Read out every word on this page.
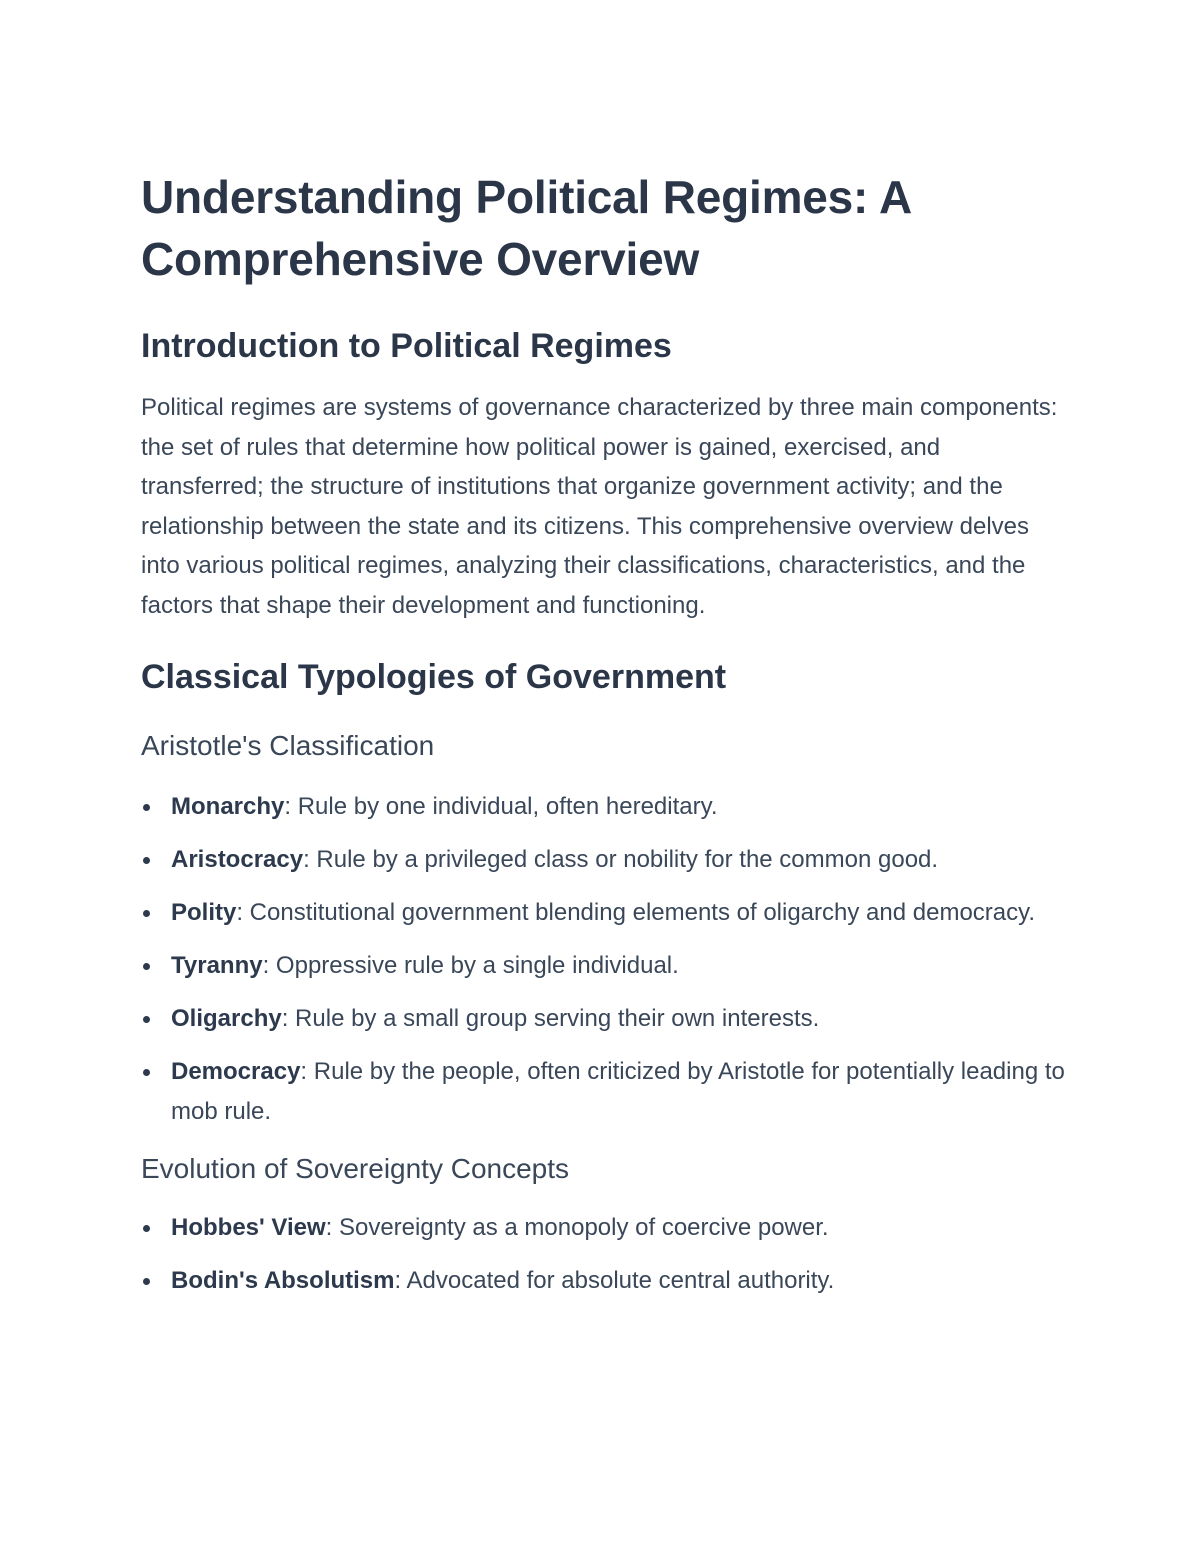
Understanding Political Regimes: A Comprehensive Overview
Introduction to Political Regimes

Political regimes are systems of governance characterized by three main components: the set of rules that determine how political power is gained, exercised, and transferred; the structure of institutions that organize government activity; and the relationship between the state and its citizens. This comprehensive overview delves into various political regimes, analyzing their classifications, characteristics, and the factors that shape their development and functioning.

Classical Typologies of Government
Aristotle's Classification
Monarchy: Rule by one individual, often hereditary.
Aristocracy: Rule by a privileged class or nobility for the common good.
Polity: Constitutional government blending elements of oligarchy and democracy.
Tyranny: Oppressive rule by a single individual.
Oligarchy: Rule by a small group serving their own interests.
Democracy: Rule by the people, often criticized by Aristotle for potentially leading to mob rule.
Evolution of Sovereignty Concepts
Hobbes' View: Sovereignty as a monopoly of coercive power.
Bodin's Absolutism: Advocated for absolute central authority.
